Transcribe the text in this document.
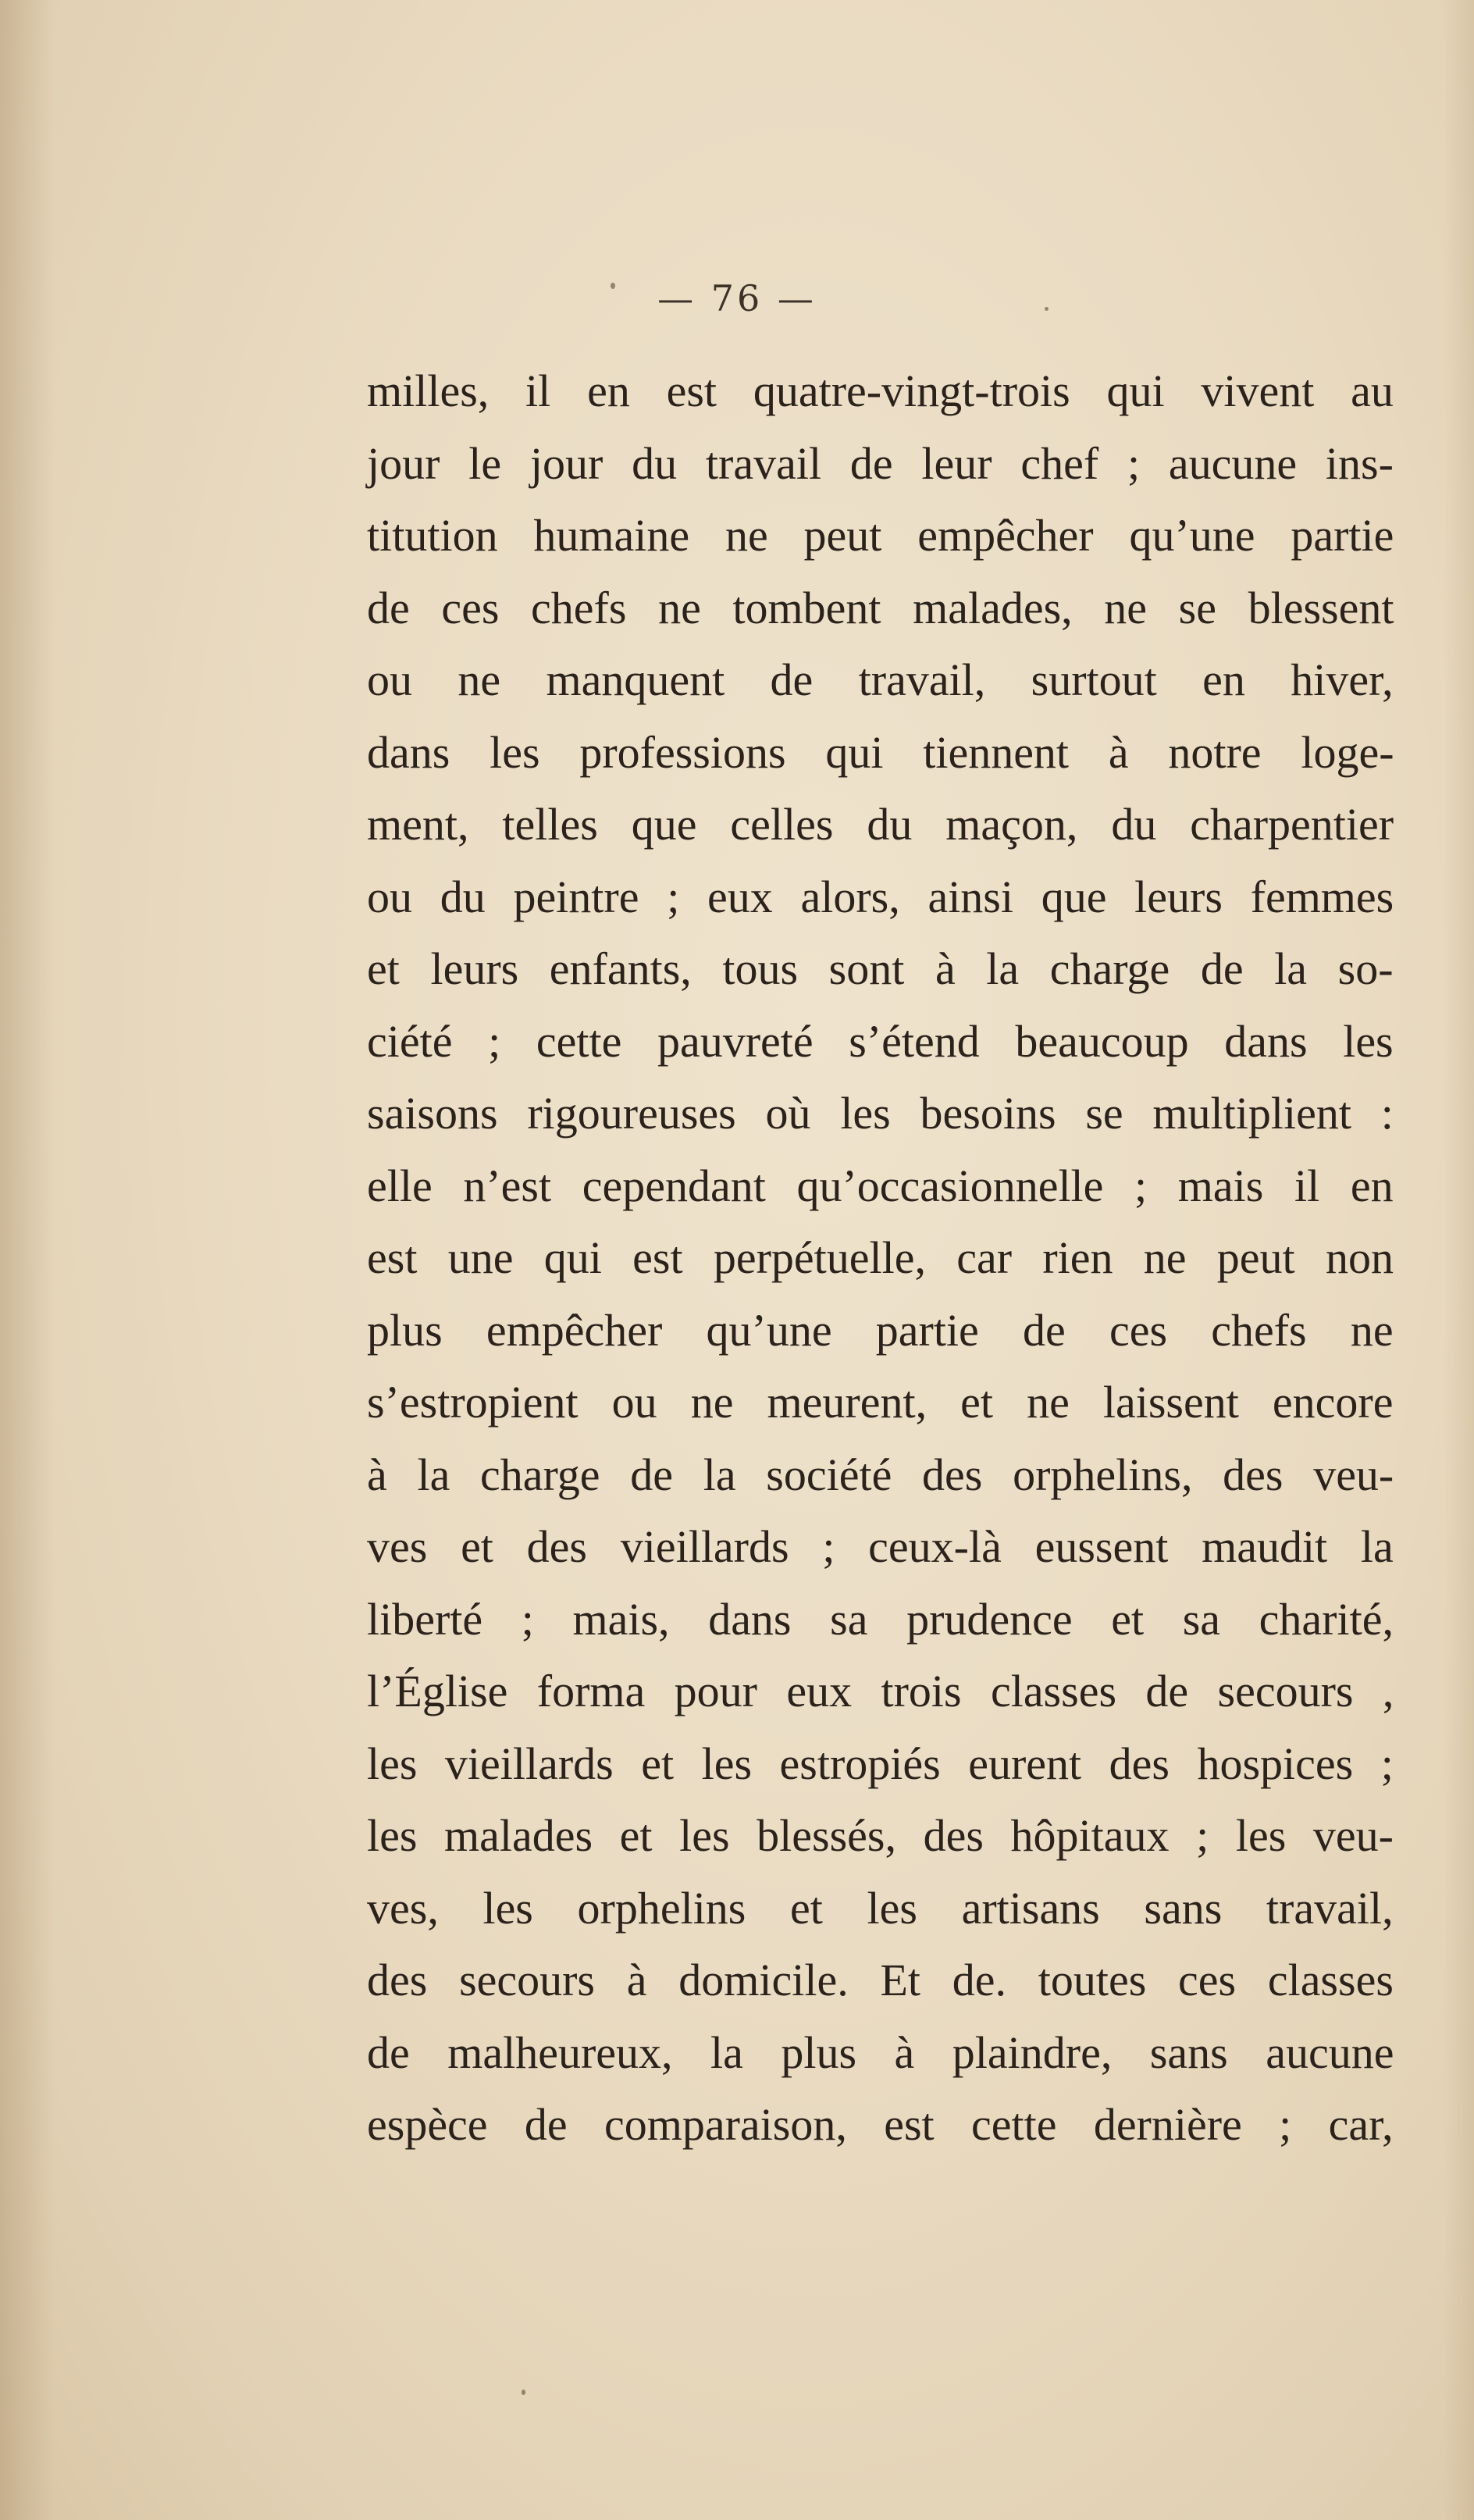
— 76 —
milles, il en est quatre-vingt-trois qui vivent au
jour le jour du travail de leur chef ; aucune ins-
titution humaine ne peut empêcher qu’une partie
de ces chefs ne tombent malades, ne se blessent
ou ne manquent de travail, surtout en hiver,
dans les professions qui tiennent à notre loge-
ment, telles que celles du maçon, du charpentier
ou du peintre ; eux alors, ainsi que leurs femmes
et leurs enfants, tous sont à la charge de la so-
ciété ; cette pauvreté s’étend beaucoup dans les
saisons rigoureuses où les besoins se multiplient :
elle n’est cependant qu’occasionnelle ; mais il en
est une qui est perpétuelle, car rien ne peut non
plus empêcher qu’une partie de ces chefs ne
s’estropient ou ne meurent, et ne laissent encore
à la charge de la société des orphelins, des veu-
ves et des vieillards ; ceux-là eussent maudit la
liberté ; mais, dans sa prudence et sa charité,
l’Église forma pour eux trois classes de secours ,
les vieillards et les estropiés eurent des hospices ;
les malades et les blessés, des hôpitaux ; les veu-
ves, les orphelins et les artisans sans travail,
des secours à domicile. Et de. toutes ces classes
de malheureux, la plus à plaindre, sans aucune
espèce de comparaison, est cette dernière ; car,
